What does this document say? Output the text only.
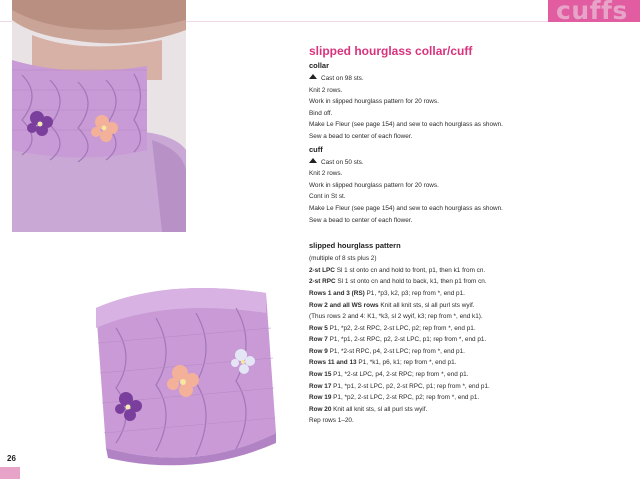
cuffs
slipped hourglass collar/cuff
collar
Cast on 98 sts.
Knit 2 rows.
Work in slipped hourglass pattern for 20 rows.
Bind off.
Make Le Fleur (see page 154) and sew to each hourglass as shown.
Sew a bead to center of each flower.
cuff
Cast on 50 sts.
Knit 2 rows.
Work in slipped hourglass pattern for 20 rows.
Cont in St st.
Make Le Fleur (see page 154) and sew to each hourglass as shown.
Sew a bead to center of each flower.
slipped hourglass pattern
(multiple of 8 sts plus 2)
2-st LPC Sl 1 st onto cn and hold to front, p1, then k1 from cn.
2-st RPC Sl 1 st onto cn and hold to back, k1, then p1 from cn.
Rows 1 and 3 (RS) P1, *p3, k2, p3; rep from *, end p1.
Row 2 and all WS rows Knit all knit sts, sl all purl sts wyif.
(Thus rows 2 and 4: K1, *k3, sl 2 wyif, k3; rep from *, end k1).
Row 5 P1, *p2, 2-st RPC, 2-st LPC, p2; rep from *, end p1.
Row 7 P1, *p1, 2-st RPC, p2, 2-st LPC, p1; rep from *, end p1.
Row 9 P1, *2-st RPC, p4, 2-st LPC; rep from *, end p1.
Rows 11 and 13 P1, *k1, p6, k1; rep from *, end p1.
Row 15 P1, *2-st LPC, p4, 2-st RPC; rep from *, end p1.
Row 17 P1, *p1, 2-st LPC, p2, 2-st RPC, p1; rep from *, end p1.
Row 19 P1, *p2, 2-st LPC, 2-st RPC, p2; rep from *, end p1.
Row 20 Knit all knit sts, sl all purl sts wyif.
Rep rows 1–20.
26
